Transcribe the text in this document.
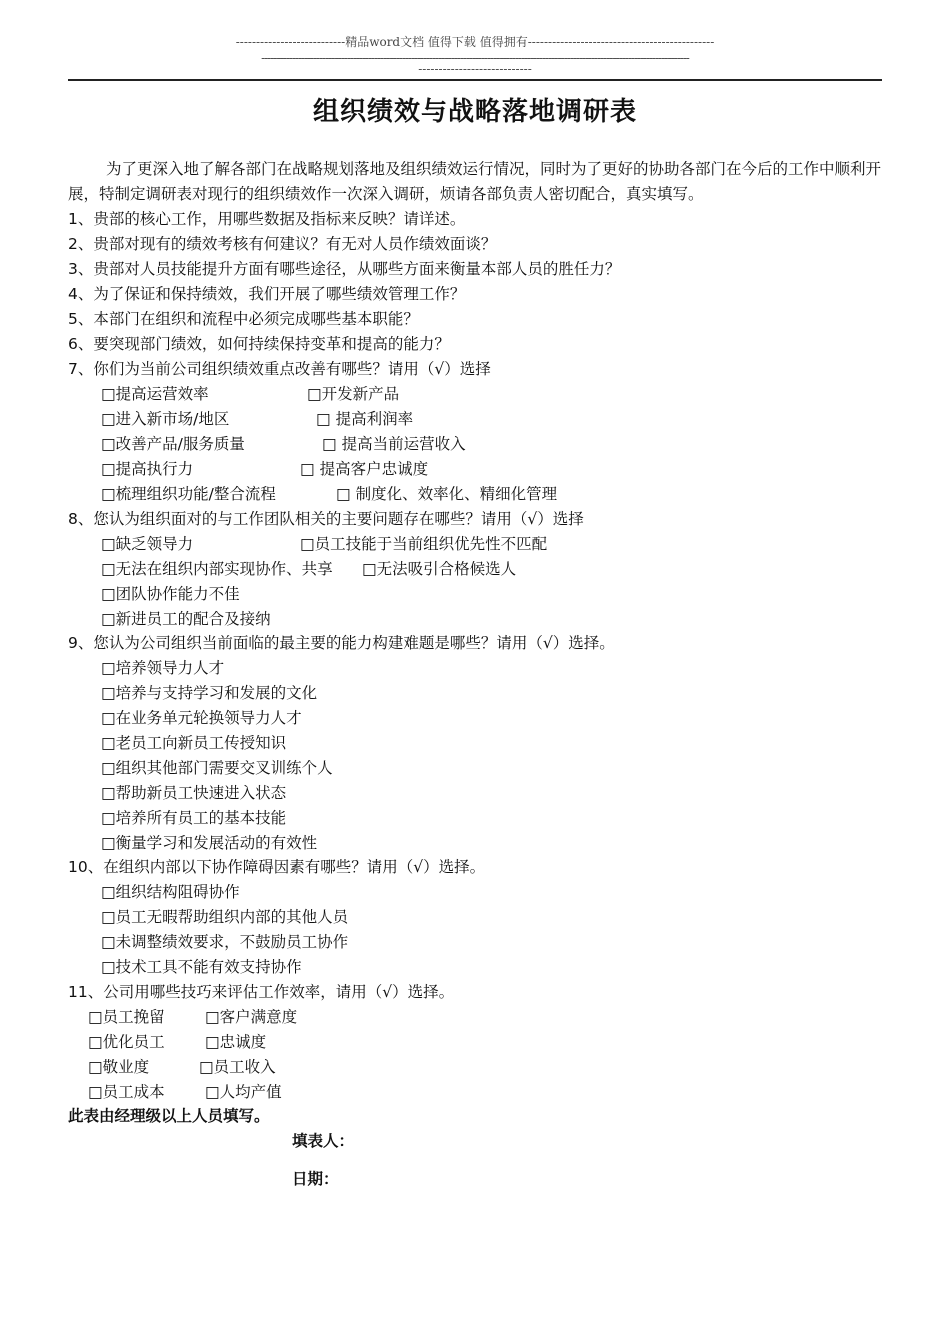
---------------------------精品word文档 值得下载 值得拥有----------------------------------------------
--------------------------------------------------------------------------------------------------------------------------------------------
----------------------------
组织绩效与战略落地调研表
为了更深入地了解各部门在战略规划落地及组织绩效运行情况，同时为了更好的协助各部门在今后的工作中顺利开展，特制定调研表对现行的组织绩效作一次深入调研，烦请各部负责人密切配合，真实填写。
1、贵部的核心工作，用哪些数据及指标来反映？请详述。
2、贵部对现有的绩效考核有何建议？有无对人员作绩效面谈？
3、贵部对人员技能提升方面有哪些途径，从哪些方面来衡量本部人员的胜任力？
4、为了保证和保持绩效，我们开展了哪些绩效管理工作？
5、本部门在组织和流程中必须完成哪些基本职能？
6、要突现部门绩效，如何持续保持变革和提高的能力？
7、你们为当前公司组织绩效重点改善有哪些？请用（√）选择
□提高运营效率	□开发新产品
□进入新市场/地区	□ 提高利润率
□改善产品/服务质量	□ 提高当前运营收入
□提高执行力	□ 提高客户忠诚度
□梳理组织功能/整合流程	□ 制度化、效率化、精细化管理
8、您认为组织面对的与工作团队相关的主要问题存在哪些？请用（√）选择
□缺乏领导力	□员工技能于当前组织优先性不匹配
□无法在组织内部实现协作、共享 □无法吸引合格候选人
□团队协作能力不佳
□新进员工的配合及接纳
9、您认为公司组织当前面临的最主要的能力构建难题是哪些？请用（√）选择。
□培养领导力人才
□培养与支持学习和发展的文化
□在业务单元轮换领导力人才
□老员工向新员工传授知识
□组织其他部门需要交叉训练个人
□帮助新员工快速进入状态
□培养所有员工的基本技能
□衡量学习和发展活动的有效性
10、在组织内部以下协作障碍因素有哪些？请用（√）选择。
□组织结构阻碍协作
□员工无暇帮助组织内部的其他人员
□未调整绩效要求，不鼓励员工协作
□技术工具不能有效支持协作
11、公司用哪些技巧来评估工作效率，请用（√）选择。
□员工挽留	□客户满意度
□优化员工	□忠诚度
□敬业度	□员工收入
□员工成本	□人均产值
此表由经理级以上人员填写。
填表人：
日期：
